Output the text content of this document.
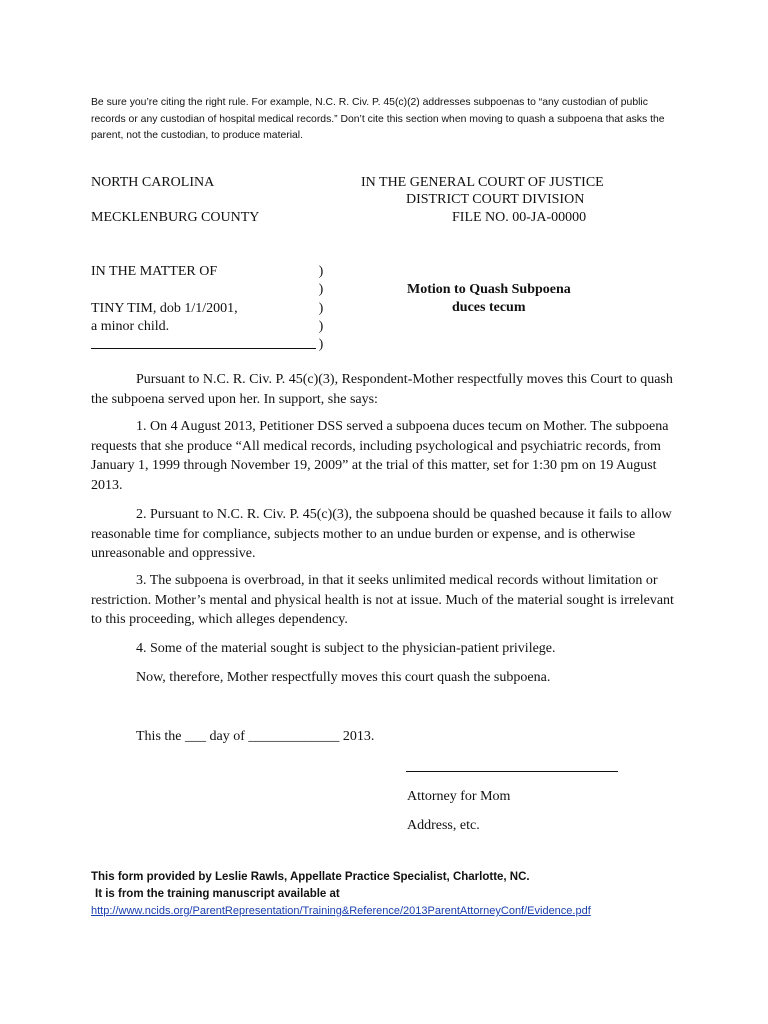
Be sure you’re citing the right rule. For example, N.C. R. Civ. P. 45(c)(2) addresses subpoenas to “any custodian of public records or any custodian of hospital medical records.” Don’t cite this section when moving to quash a subpoena that asks the parent, not the custodian, to produce material.
NORTH CAROLINA
MECKLENBURG COUNTY
IN THE GENERAL COURT OF JUSTICE
DISTRICT COURT DIVISION
FILE NO. 00-JA-00000
IN THE MATTER OF
TINY TIM, dob 1/1/2001,
a minor child.
)
)
)
)
)
Motion to Quash Subpoena
duces tecum
Pursuant to N.C. R. Civ. P. 45(c)(3), Respondent-Mother respectfully moves this Court to quash the subpoena served upon her. In support, she says:
1. On 4 August 2013, Petitioner DSS served a subpoena duces tecum on Mother. The subpoena requests that she produce “All medical records, including psychological and psychiatric records, from January 1, 1999 through November 19, 2009” at the trial of this matter, set for 1:30 pm on 19 August 2013.
2. Pursuant to N.C. R. Civ. P. 45(c)(3), the subpoena should be quashed because it fails to allow reasonable time for compliance, subjects mother to an undue burden or expense, and is otherwise unreasonable and oppressive.
3. The subpoena is overbroad, in that it seeks unlimited medical records without limitation or restriction. Mother’s mental and physical health is not at issue. Much of the material sought is irrelevant to this proceeding, which alleges dependency.
4. Some of the material sought is subject to the physician-patient privilege.
Now, therefore, Mother respectfully moves this court quash the subpoena.
This the ___ day of _____________ 2013.
Attorney for Mom
Address, etc.
This form provided by Leslie Rawls, Appellate Practice Specialist, Charlotte, NC.
It is from the training manuscript available at
http://www.ncids.org/ParentRepresentation/Training&Reference/2013ParentAttorneyConf/Evidence.pdf
